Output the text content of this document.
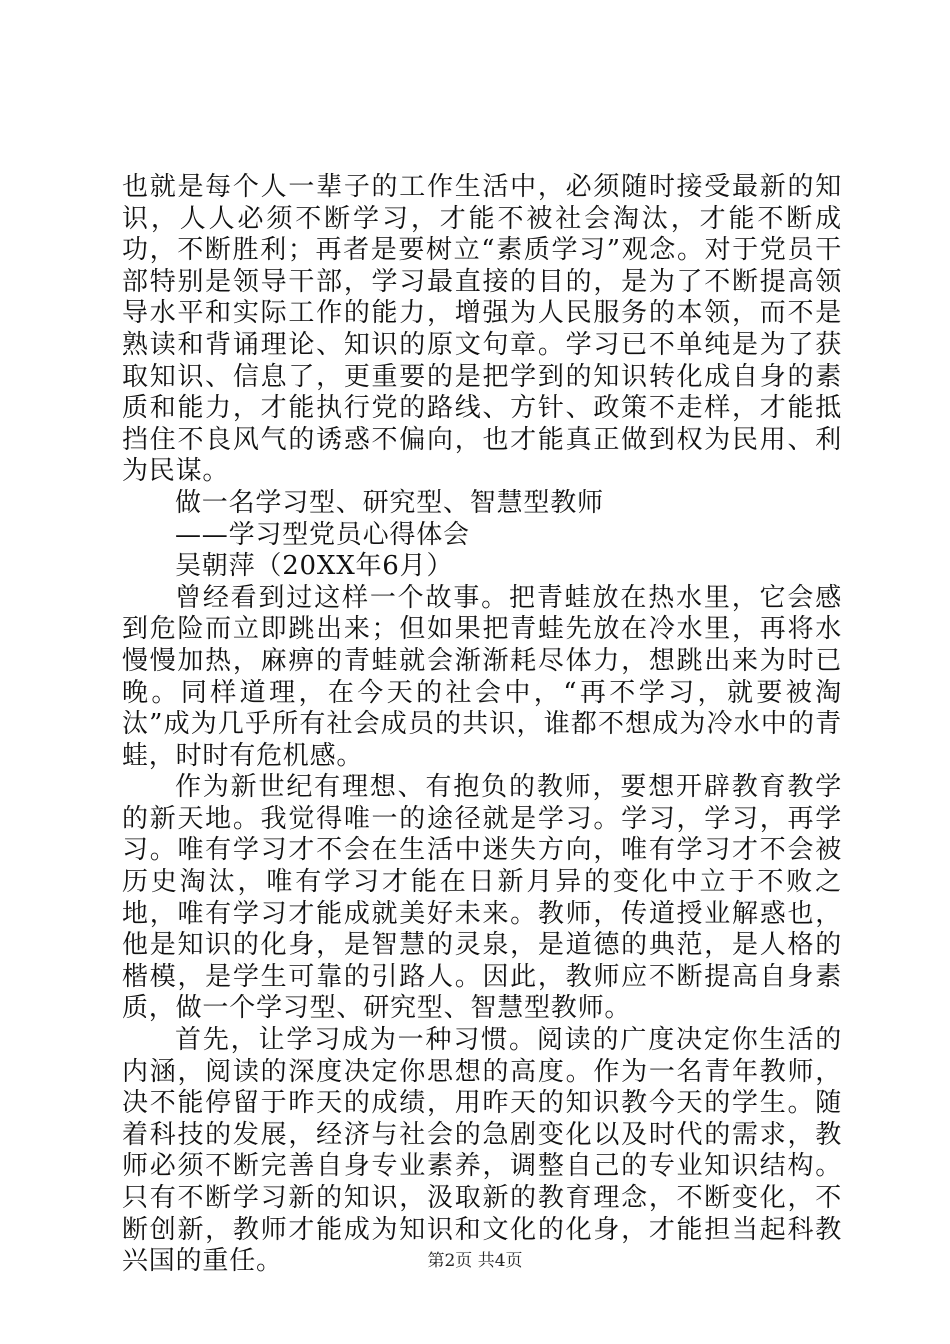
也就是每个人一辈子的工作生活中，必须随时接受最新的知识，人人必须不断学习，才能不被社会淘汰，才能不断成功，不断胜利；再者是要树立“素质学习”观念。对于党员干部特别是领导干部，学习最直接的目的，是为了不断提高领导水平和实际工作的能力，增强为人民服务的本领，而不是熟读和背诵理论、知识的原文句章。学习已不单纯是为了获取知识、信息了，更重要的是把学到的知识转化成自身的素质和能力，才能执行党的路线、方针、政策不走样，才能抵挡住不良风气的诱惑不偏向，也才能真正做到权为民用、利为民谋。

做一名学习型、研究型、智慧型教师

——学习型党员心得体会

吴朝萍（20XX年6月）

曾经看到过这样一个故事。把青蛙放在热水里，它会感到危险而立即跳出来；但如果把青蛙先放在冷水里，再将水慢慢加热，麻痹的青蛙就会渐渐耗尽体力，想跳出来为时已晚。同样道理，在今天的社会中，“再不学习，就要被淘汰”成为几乎所有社会成员的共识，谁都不想成为冷水中的青蛙，时时有危机感。

作为新世纪有理想、有抱负的教师，要想开辟教育教学的新天地。我觉得唯一的途径就是学习。学习，学习，再学习。唯有学习才不会在生活中迷失方向，唯有学习才不会被历史淘汰，唯有学习才能在日新月异的变化中立于不败之地，唯有学习才能成就美好未来。教师，传道授业解惑也，他是知识的化身，是智慧的灵泉，是道德的典范，是人格的楷模，是学生可靠的引路人。因此，教师应不断提高自身素质，做一个学习型、研究型、智慧型教师。

首先，让学习成为一种习惯。阅读的广度决定你生活的内涵，阅读的深度决定你思想的高度。作为一名青年教师，决不能停留于昨天的成绩，用昨天的知识教今天的学生。随着科技的发展，经济与社会的急剧变化以及时代的需求，教师必须不断完善自身专业素养，调整自己的专业知识结构。只有不断学习新的知识，汲取新的教育理念，不断变化，不断创新，教师才能成为知识和文化的化身，才能担当起科教兴国的重任。	第2页 共4页
